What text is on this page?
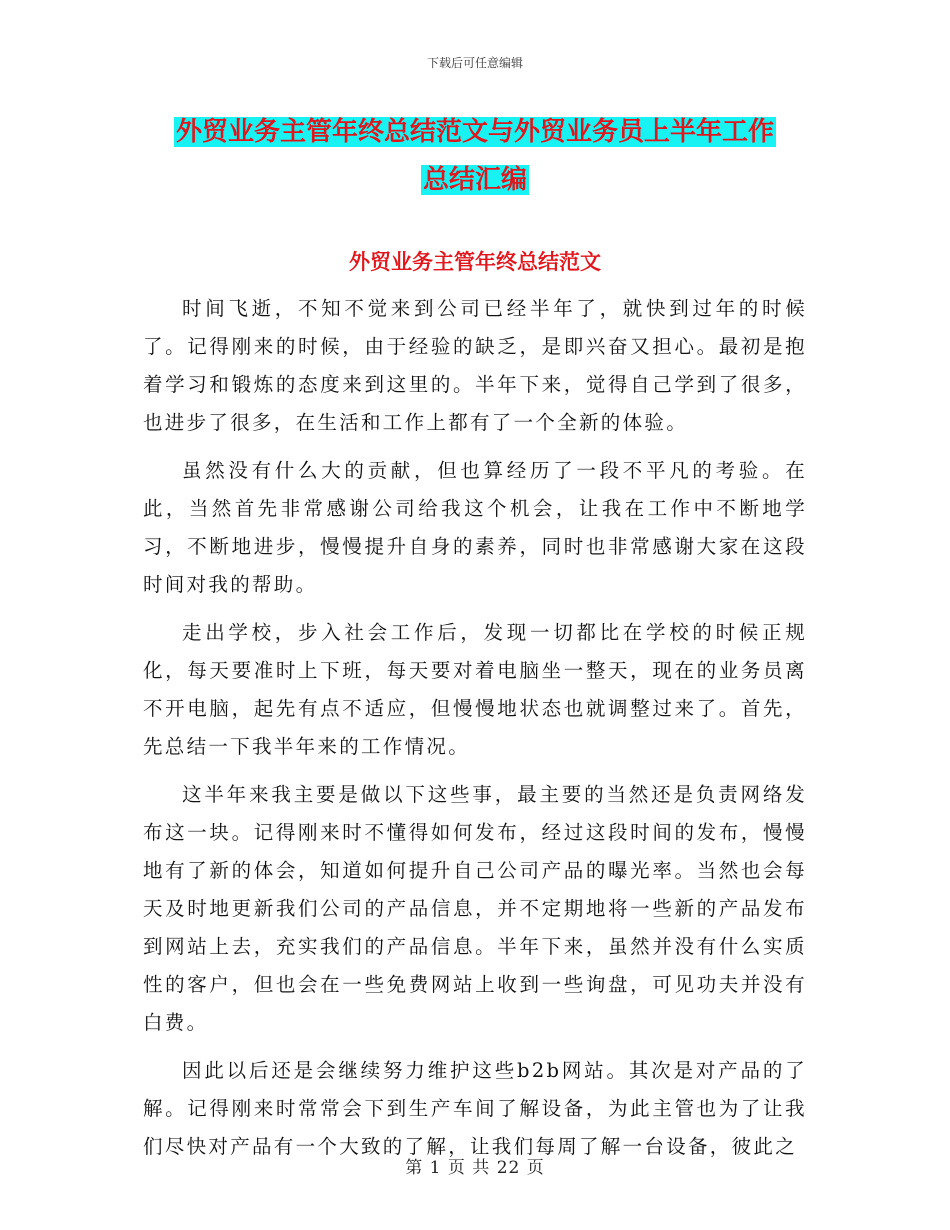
下载后可任意编辑
外贸业务主管年终总结范文与外贸业务员上半年工作
总结汇编
外贸业务主管年终总结范文

时间飞逝，不知不觉来到公司已经半年了，就快到过年的时候了。记得刚来的时候，由于经验的缺乏，是即兴奋又担心。最初是抱着学习和锻炼的态度来到这里的。半年下来，觉得自己学到了很多，也进步了很多，在生活和工作上都有了一个全新的体验。

虽然没有什么大的贡献，但也算经历了一段不平凡的考验。在此，当然首先非常感谢公司给我这个机会，让我在工作中不断地学习，不断地进步，慢慢提升自身的素养，同时也非常感谢大家在这段时间对我的帮助。

走出学校，步入社会工作后，发现一切都比在学校的时候正规化，每天要准时上下班，每天要对着电脑坐一整天，现在的业务员离不开电脑，起先有点不适应，但慢慢地状态也就调整过来了。首先，先总结一下我半年来的工作情况。

这半年来我主要是做以下这些事，最主要的当然还是负责网络发布这一块。记得刚来时不懂得如何发布，经过这段时间的发布，慢慢地有了新的体会，知道如何提升自己公司产品的曝光率。当然也会每天及时地更新我们公司的产品信息，并不定期地将一些新的产品发布到网站上去，充实我们的产品信息。半年下来，虽然并没有什么实质性的客户，但也会在一些免费网站上收到一些询盘，可见功夫并没有白费。

因此以后还是会继续努力维护这些b2b网站。其次是对产品的了解。记得刚来时常常会下到生产车间了解设备，为此主管也为了让我们尽快对产品有一个大致的了解，让我们每周了解一台设备，彼此之

第 1 页 共 22 页
